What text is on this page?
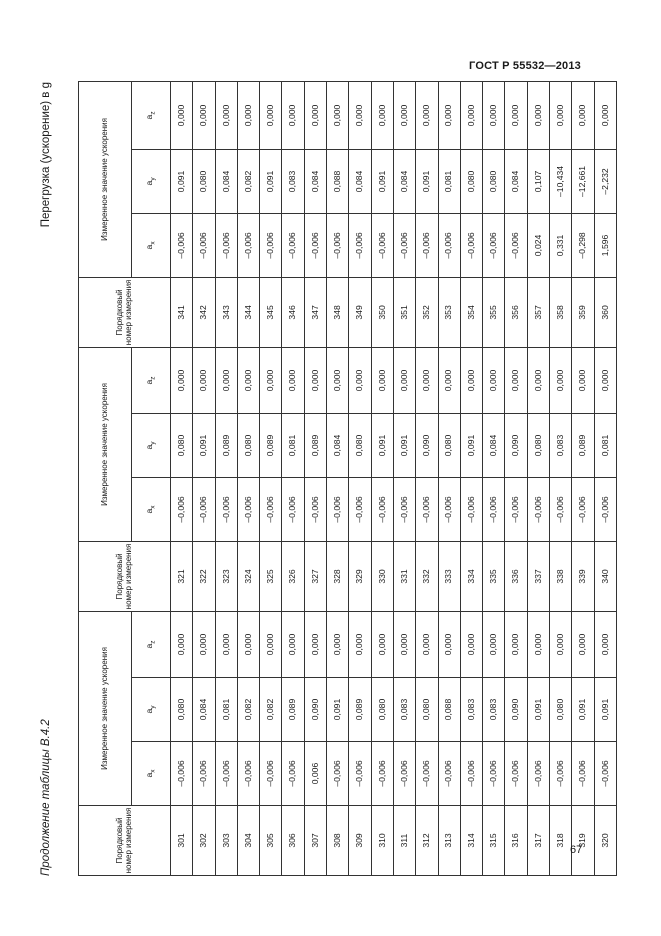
ГОСТ Р 55532—2013
Продолжение таблицы В.4.2
Перегрузка (ускорение) в g
Порядковый номер измерения	Измеренное значение ускорения			Порядковый номер измерения	Измеренное значение ускорения			Порядковый номер измерения	Измеренное значение ускорения		
	$a_x$	$a_y$	$a_z$		$a_x$	$a_y$	$a_z$		$a_x$	$a_y$	$a_z$
301	–0,006	0,080	0,000	321	–0,006	0,080	0,000	341	–0,006	0,091	0,000
302	–0,006	0,084	0,000	322	–0,006	0,091	0,000	342	–0,006	0,080	0,000
303	–0,006	0,081	0,000	323	–0,006	0,089	0,000	343	–0,006	0,084	0,000
304	–0,006	0,082	0,000	324	–0,006	0,080	0,000	344	–0,006	0,082	0,000
305	–0,006	0,082	0,000	325	–0,006	0,089	0,000	345	–0,006	0,091	0,000
306	–0,006	0,089	0,000	326	–0,006	0,081	0,000	346	–0,006	0,083	0,000
307	0,006	0,090	0,000	327	–0,006	0,089	0,000	347	–0,006	0,084	0,000
308	–0,006	0,091	0,000	328	–0,006	0,084	0,000	348	–0,006	0,088	0,000
309	–0,006	0,089	0,000	329	–0,006	0,080	0,000	349	–0,006	0,084	0,000
310	–0,006	0,080	0,000	330	–0,006	0,091	0,000	350	–0,006	0,091	0,000
311	–0,006	0,083	0,000	331	–0,006	0,091	0,000	351	–0,006	0,084	0,000
312	–0,006	0,080	0,000	332	–0,006	0,090	0,000	352	–0,006	0,091	0,000
313	–0,006	0,088	0,000	333	–0,006	0,080	0,000	353	–0,006	0,081	0,000
314	–0,006	0,083	0,000	334	–0,006	0,091	0,000	354	–0,006	0,080	0,000
315	–0,006	0,083	0,000	335	–0,006	0,084	0,000	355	–0,006	0,080	0,000
316	–0,006	0,090	0,000	336	–0,006	0,090	0,000	356	–0,006	0,084	0,000
317	–0,006	0,091	0,000	337	–0,006	0,080	0,000	357	0,024	0,107	0,000
318	–0,006	0,080	0,000	338	–0,006	0,083	0,000	358	0,331	–10,434	0,000
319	–0,006	0,091	0,000	339	–0,006	0,089	0,000	359	–0,298	–12,661	0,000
320	–0,006	0,091	0,000	340	–0,006	0,081	0,000	360	1,596	–2,232	0,000
67
